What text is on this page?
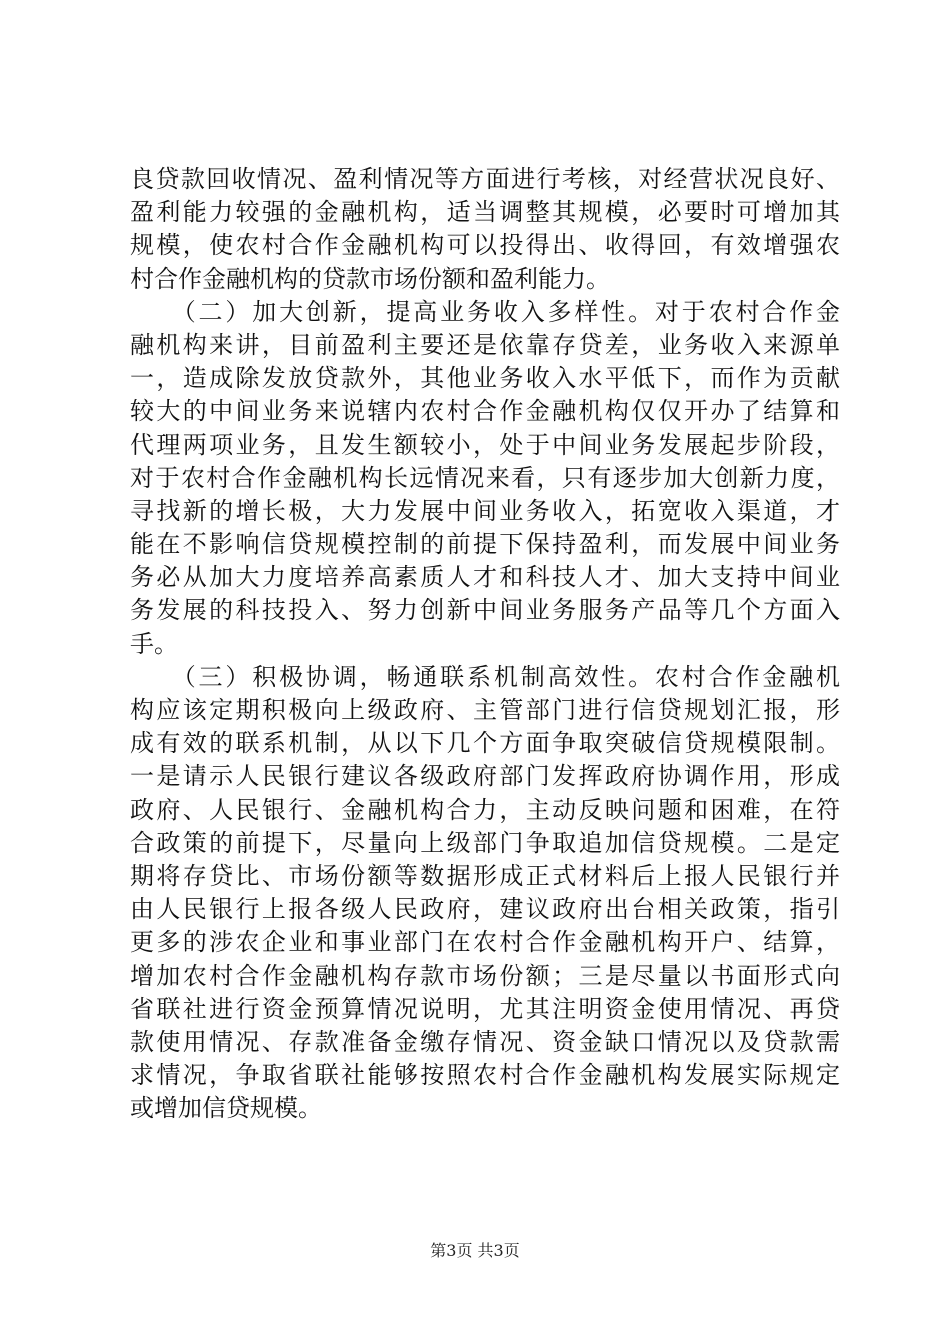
良贷款回收情况、盈利情况等方面进行考核，对经营状况良好、
盈利能力较强的金融机构，适当调整其规模，必要时可增加其
规模，使农村合作金融机构可以投得出、收得回，有效增强农
村合作金融机构的贷款市场份额和盈利能力。
　　（二）加大创新，提高业务收入多样性。对于农村合作金
融机构来讲，目前盈利主要还是依靠存贷差，业务收入来源单
一，造成除发放贷款外，其他业务收入水平低下，而作为贡献
较大的中间业务来说辖内农村合作金融机构仅仅开办了结算和
代理两项业务，且发生额较小，处于中间业务发展起步阶段，
对于农村合作金融机构长远情况来看，只有逐步加大创新力度，
寻找新的增长极，大力发展中间业务收入，拓宽收入渠道，才
能在不影响信贷规模控制的前提下保持盈利，而发展中间业务
务必从加大力度培养高素质人才和科技人才、加大支持中间业
务发展的科技投入、努力创新中间业务服务产品等几个方面入
手。
　　（三）积极协调，畅通联系机制高效性。农村合作金融机
构应该定期积极向上级政府、主管部门进行信贷规划汇报，形
成有效的联系机制，从以下几个方面争取突破信贷规模限制。
一是请示人民银行建议各级政府部门发挥政府协调作用，形成
政府、人民银行、金融机构合力，主动反映问题和困难，在符
合政策的前提下，尽量向上级部门争取追加信贷规模。二是定
期将存贷比、市场份额等数据形成正式材料后上报人民银行并
由人民银行上报各级人民政府，建议政府出台相关政策，指引
更多的涉农企业和事业部门在农村合作金融机构开户、结算，
增加农村合作金融机构存款市场份额；三是尽量以书面形式向
省联社进行资金预算情况说明，尤其注明资金使用情况、再贷
款使用情况、存款准备金缴存情况、资金缺口情况以及贷款需
求情况，争取省联社能够按照农村合作金融机构发展实际规定
或增加信贷规模。
第3页 共3页
